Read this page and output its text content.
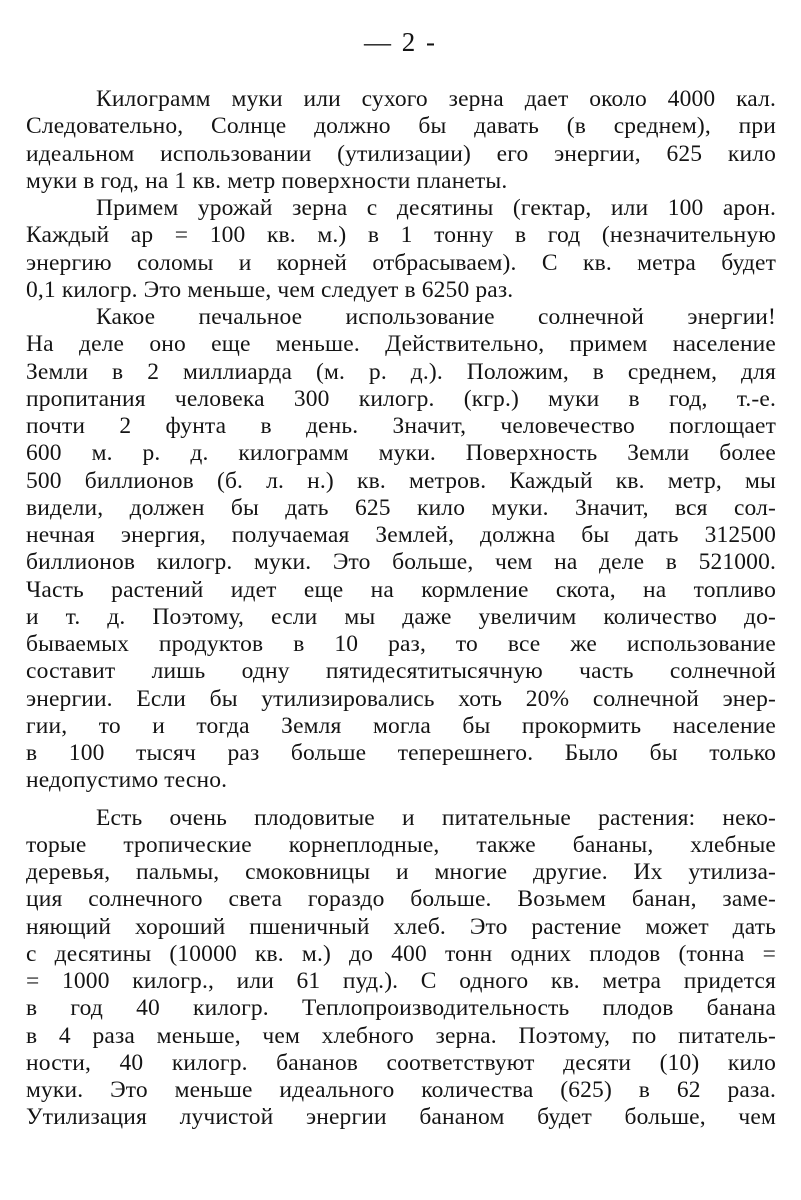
— 2 -
Килограмм муки или сухого зерна дает около 4000 кал.
Следовательно, Солнце должно бы давать (в среднем), при
идеальном использовании (утилизации) его энергии, 625 кило
муки в год, на 1 кв. метр поверхности планеты.
Примем урожай зерна с десятины (гектар, или 100 арон.
Каждый ар = 100 кв. м.) в 1 тонну в год (незначительную
энергию соломы и корней отбрасываем). С кв. метра будет
0,1 килогр. Это меньше, чем следует в 6250 раз.
Какое печальное использование солнечной энергии!
На деле оно еще меньше. Действительно, примем население
Земли в 2 миллиарда (м. р. д.). Положим, в среднем, для
пропитания человека 300 килогр. (кгр.) муки в год, т.-е.
почти 2 фунта в день. Значит, человечество поглощает
600 м. р. д. килограмм муки. Поверхность Земли более
500 биллионов (б. л. н.) кв. метров. Каждый кв. метр, мы
видели, должен бы дать 625 кило муки. Значит, вся сол-
нечная энергия, получаемая Землей, должна бы дать 312500
биллионов килогр. муки. Это больше, чем на деле в 521000.
Часть растений идет еще на кормление скота, на топливо
и т. д. Поэтому, если мы даже увеличим количество до-
бываемых продуктов в 10 раз, то все же использование
составит лишь одну пятидесятитысячную часть солнечной
энергии. Если бы утилизировались хоть 20% солнечной энер-
гии, то и тогда Земля могла бы прокормить население
в 100 тысяч раз больше теперешнего. Было бы только
недопустимо тесно.
Есть очень плодовитые и питательные растения: неко-
торые тропические корнеплодные, также бананы, хлебные
деревья, пальмы, смоковницы и многие другие. Их утилиза-
ция солнечного света гораздо больше. Возьмем банан, заме-
няющий хороший пшеничный хлеб. Это растение может дать
с десятины (10000 кв. м.) до 400 тонн одних плодов (тонна =
= 1000 килогр., или 61 пуд.). С одного кв. метра придется
в год 40 килогр. Теплопроизводительность плодов банана
в 4 раза меньше, чем хлебного зерна. Поэтому, по питатель-
ности, 40 килогр. бананов соответствуют десяти (10) кило
муки. Это меньше идеального количества (625) в 62 раза.
Утилизация лучистой энергии бананом будет больше, чем
